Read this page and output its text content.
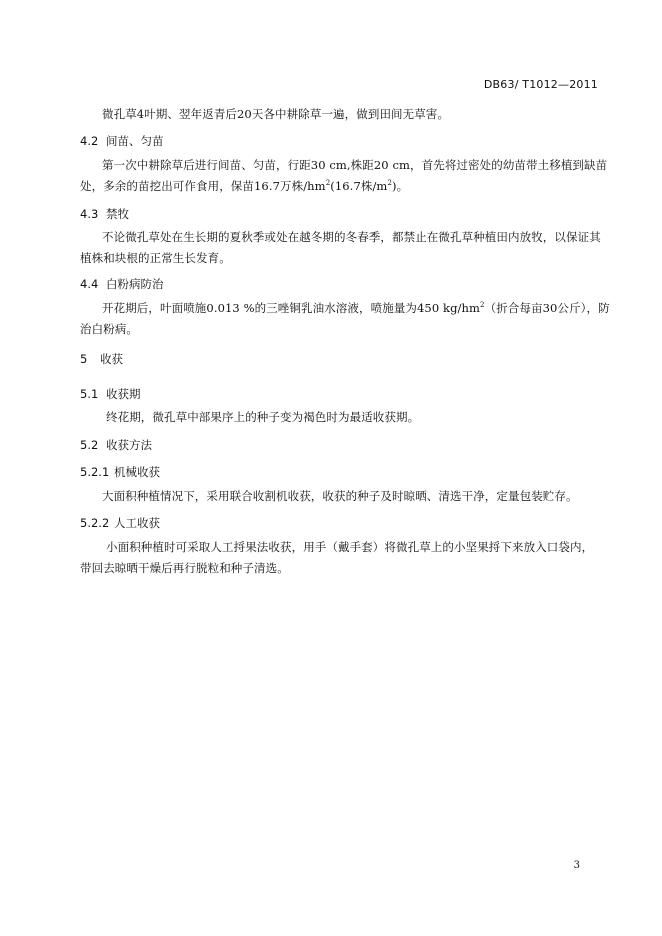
DB63/ T1012—2011
微孔草4叶期、翌年返青后20天各中耕除草一遍，做到田间无草害。
4.2 间苗、匀苗
第一次中耕除草后进行间苗、匀苗，行距30 cm,株距20 cm，首先将过密处的幼苗带土移植到缺苗
处，多余的苗挖出可作食用，保苗16.7万株$/hm^2(16.7$株$/m^2$)。
4.3 禁牧
不论微孔草处在生长期的夏秋季或处在越冬期的冬春季，都禁止在微孔草种植田内放牧，以保证其
植株和块根的正常生长发育。
4.4 白粉病防治
开花期后，叶面喷施0.013 %的三唑铜乳油水溶液，喷施量为450 $kg/hm^2$（折合每亩30公斤），防
治白粉病。
5 收获
5.1 收获期
终花期，微孔草中部果序上的种子变为褐色时为最适收获期。
5.2 收获方法
5.2.1 机械收获
大面积种植情况下，采用联合收割机收获，收获的种子及时晾晒、清选干净，定量包装贮存。
5.2.2 人工收获
小面积种植时可采取人工捋果法收获，用手（戴手套）将微孔草上的小坚果捋下来放入口袋内，
带回去晾晒干燥后再行脱粒和种子清选。
3
